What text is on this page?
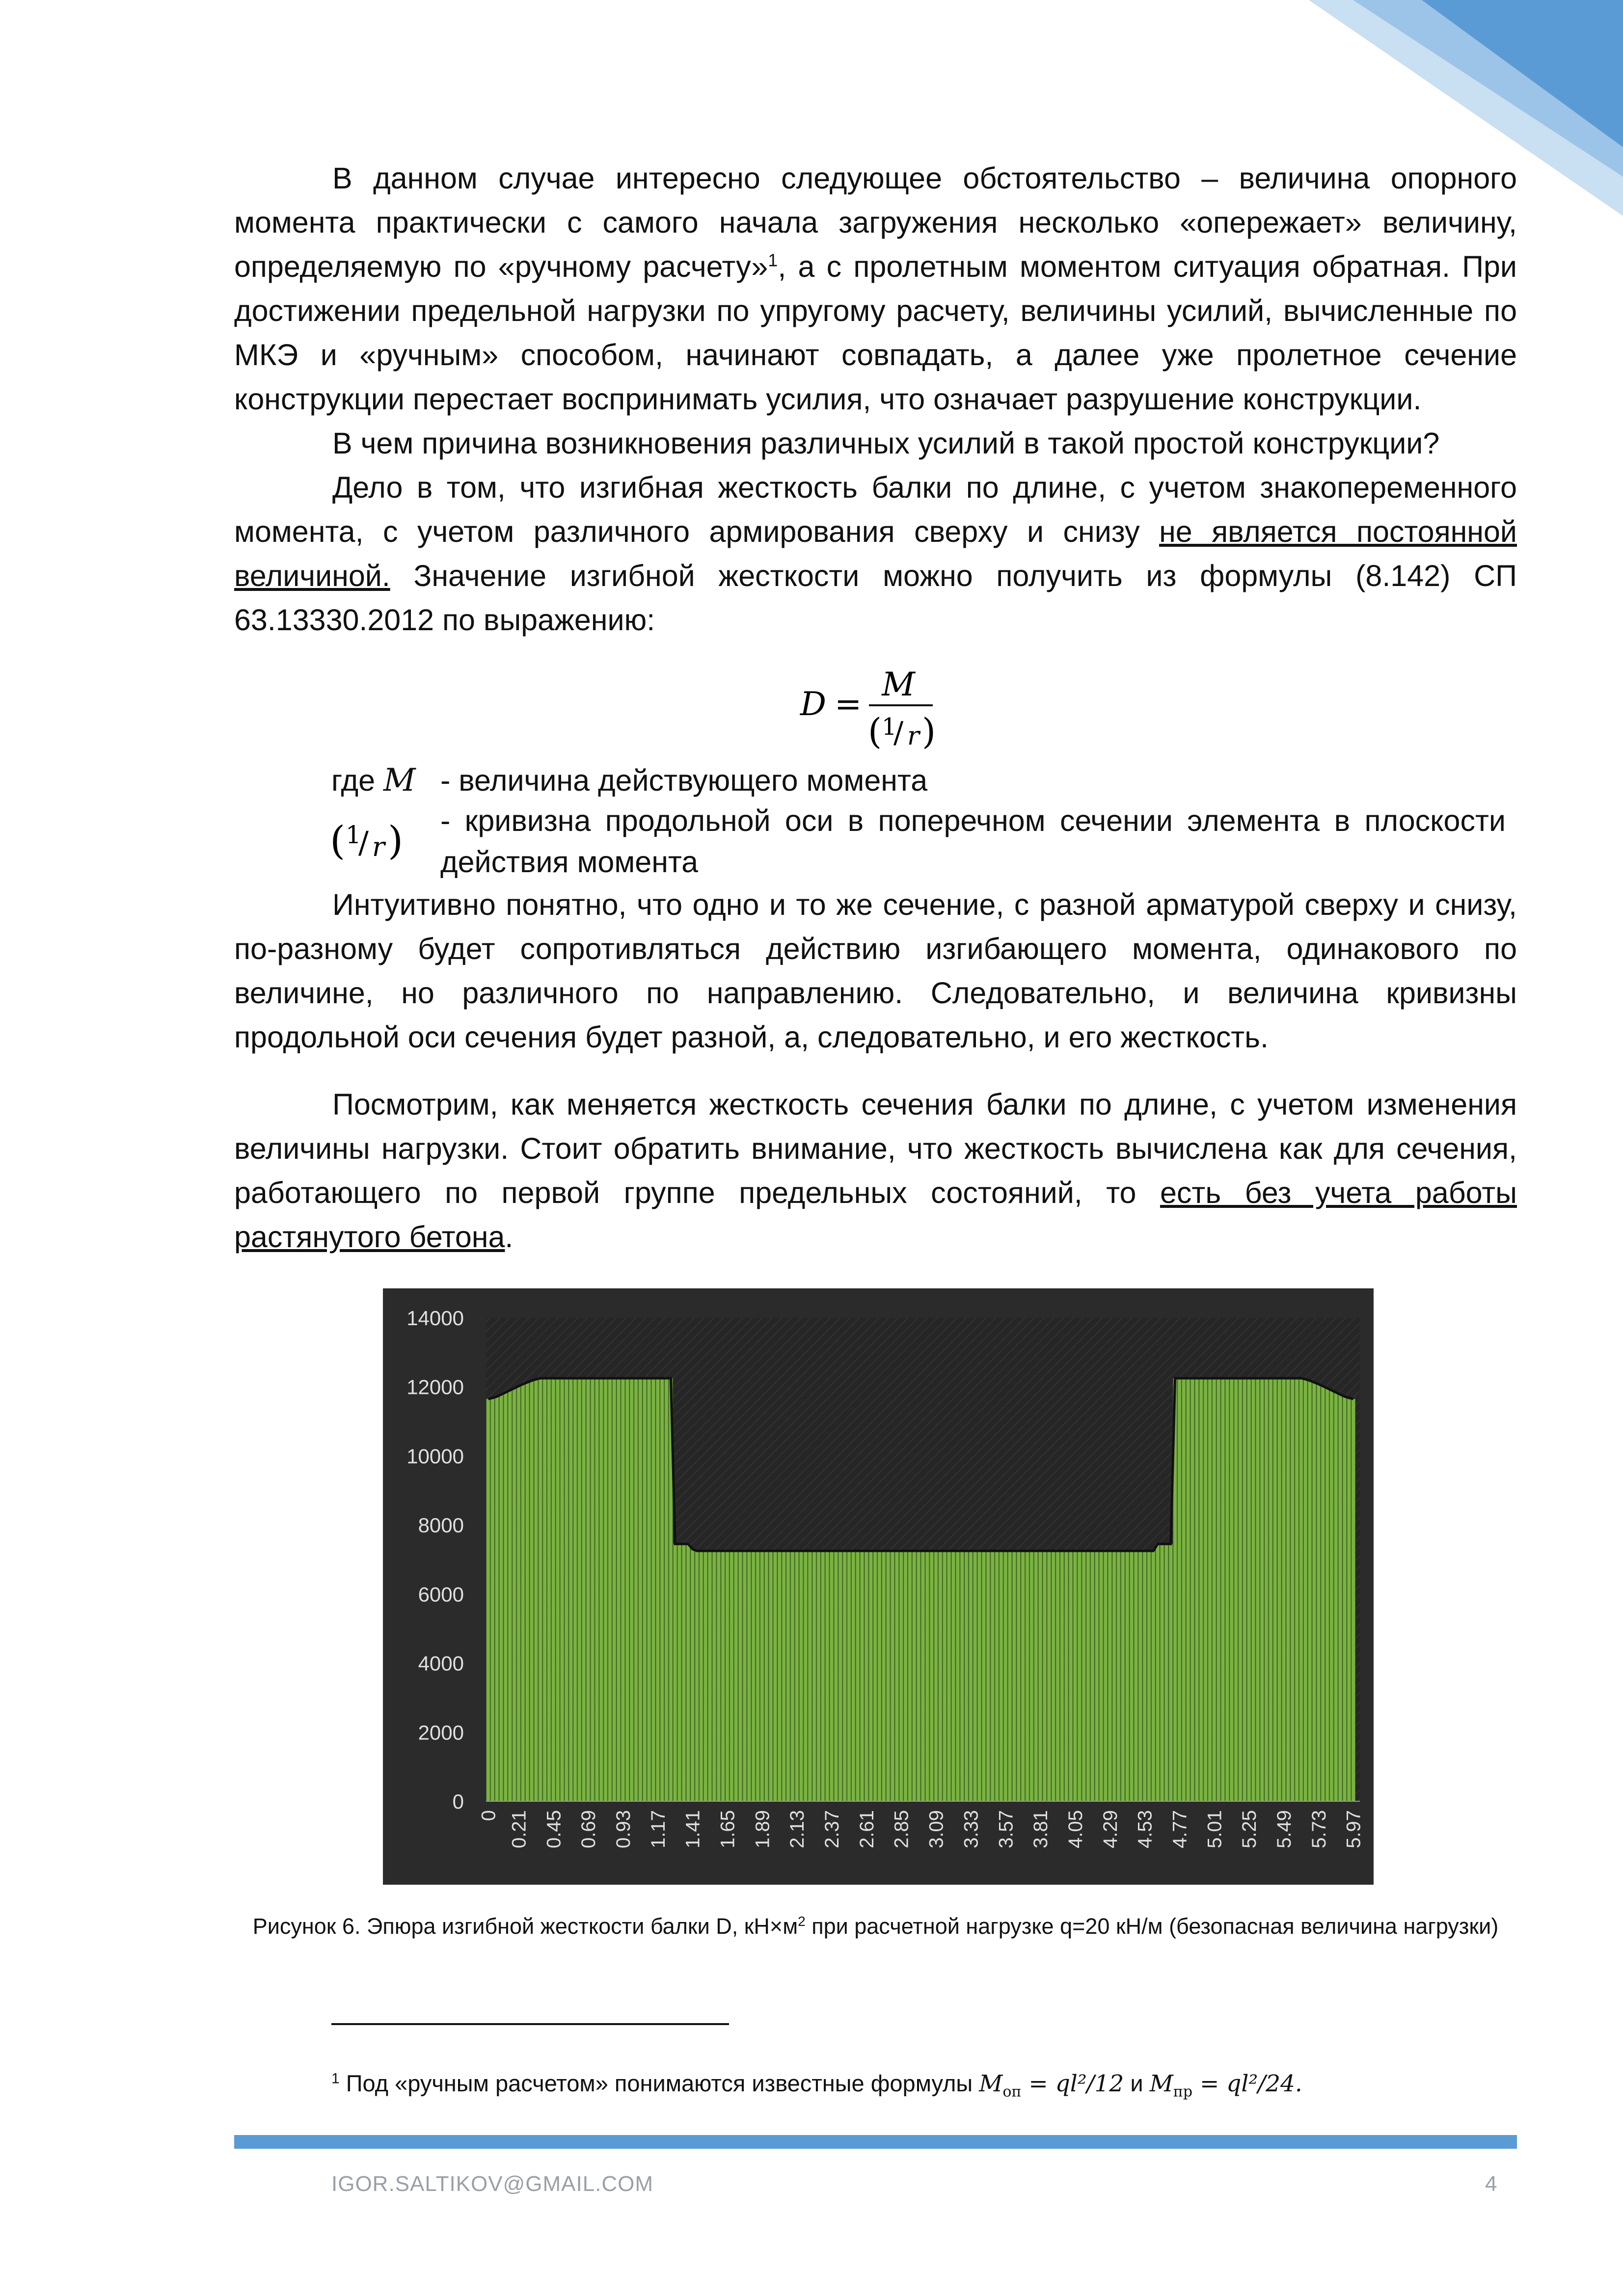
В данном случае интересно следующее обстоятельство – величина опорного момента практически с самого начала загружения несколько «опережает» величину, определяемую по «ручному расчету»$^1$, а с пролетным моментом ситуация обратная. При достижении предельной нагрузки по упругому расчету, величины усилий, вычисленные по МКЭ и «ручным» способом, начинают совпадать, а далее уже пролетное сечение конструкции перестает воспринимать усилия, что означает разрушение конструкции.

В чем причина возникновения различных усилий в такой простой конструкции?

Дело в том, что изгибная жесткость балки по длине, с учетом знакопеременного момента, с учетом различного армирования сверху и снизу не является постоянной величиной. Значение изгибной жесткости можно получить из формулы (8.142) СП 63.13330.2012 по выражению:

D =
M
( 1
/ r )
где M - величина действующего момента
( 1
/ r ) - кривизна продольной оси в поперечном сечении элемента в плоскости действия момента

Интуитивно понятно, что одно и то же сечение, с разной арматурой сверху и снизу, по-разному будет сопротивляться действию изгибающего момента, одинакового по величине, но различного по направлению. Следовательно, и величина кривизны продольной оси сечения будет разной, а, следовательно, и его жесткость.

Посмотрим, как меняется жесткость сечения балки по длине, с учетом изменения величины нагрузки. Стоит обратить внимание, что жесткость вычислена как для сечения, работающего по первой группе предельных состояний, то есть без учета работы растянутого бетона.

0
2000
4000
6000
8000
10000
12000
14000
0 0.21 0.45 0.69 0.93 1.17 1.41 1.65 1.89 2.13 2.37 2.61 2.85 3.09 3.33 3.57 3.81 4.05 4.29 4.53 4.77 5.01 5.25 5.49 5.73 5.97
Рисунок 6. Эпюра изгибной жесткости балки D, $кН\times м^2$ при расчетной нагрузке q=20 кН/м (безопасная величина нагрузки)
$^1$ Под «ручным расчетом» понимаются известные формулы $M_{оп} = ql^2/12$ и $M_{пр} = ql^2/24$.
IGOR.SALTIKOV@GMAIL.COM	4
